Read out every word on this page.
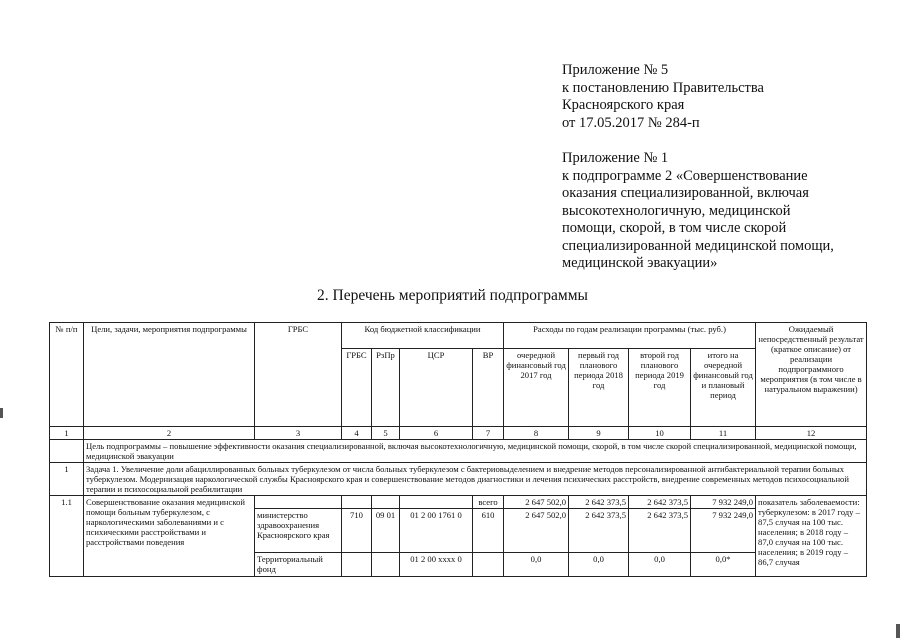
Приложение № 5
к постановлению Правительства
Красноярского края
от 17.05.2017 № 284-п
Приложение № 1
к подпрограмме 2 «Совершенствование
оказания специализированной, включая
высокотехнологичную, медицинской
помощи, скорой, в том числе скорой
специализированной медицинской помощи,
медицинской эвакуации»
2. Перечень мероприятий подпрограммы
№ п/п	Цели, задачи, мероприятия подпрограммы	ГРБС	Код бюджетной классификации				Расходы по годам реализации программы (тыс. руб.)				Ожидаемый непосредственный результат (краткое описание) от реализации подпрограммного мероприятия (в том числе в натуральном выражении)
			ГРБС	РзПр	ЦСР	ВР	очередной финансовый год 2017 год	первый год планового периода 2018 год	второй год планового периода 2019 год	итого на очередной финансовый год и плановый период	
1	2	3	4	5	6	7	8	9	10	11	12
	Цель подпрограммы – повышение эффективности оказания специализированной, включая высокотехнологичную, медицинской помощи, скорой, в том числе скорой специализированной, медицинской помощи, медицинской эвакуации										
1	Задача 1. Увеличение доли абациллированных больных туберкулезом от числа больных туберкулезом с бактериовыделением и внедрение методов персонализированной антибактериальной терапии больных туберкулезом. Модернизация наркологической службы Красноярского края и совершенствование методов диагностики и лечения психических расстройств, внедрение современных методов психосоциальной терапии и психосоциальной реабилитации										
1.1	Совершенствование оказания медицинской помощи больным туберкулезом, с наркологическими заболеваниями и с психическими расстройствами и расстройствами поведения					всего	2 647 502,0	2 642 373,5	2 642 373,5	7 932 249,0	показатель заболеваемости: туберкулезом: в 2017 году – 87,5 случая на 100 тыс. населения; в 2018 году – 87,0 случая на 100 тыс. населения; в 2019 году – 86,7 случая
		министерство здравоохранения Красноярского края	710	09 01	01 2 00 1761 0	610	2 647 502,0	2 642 373,5	2 642 373,5	7 932 249,0	
		Территориальный фонд			01 2 00 xxxx 0		0,0	0,0	0,0	0,0*	
